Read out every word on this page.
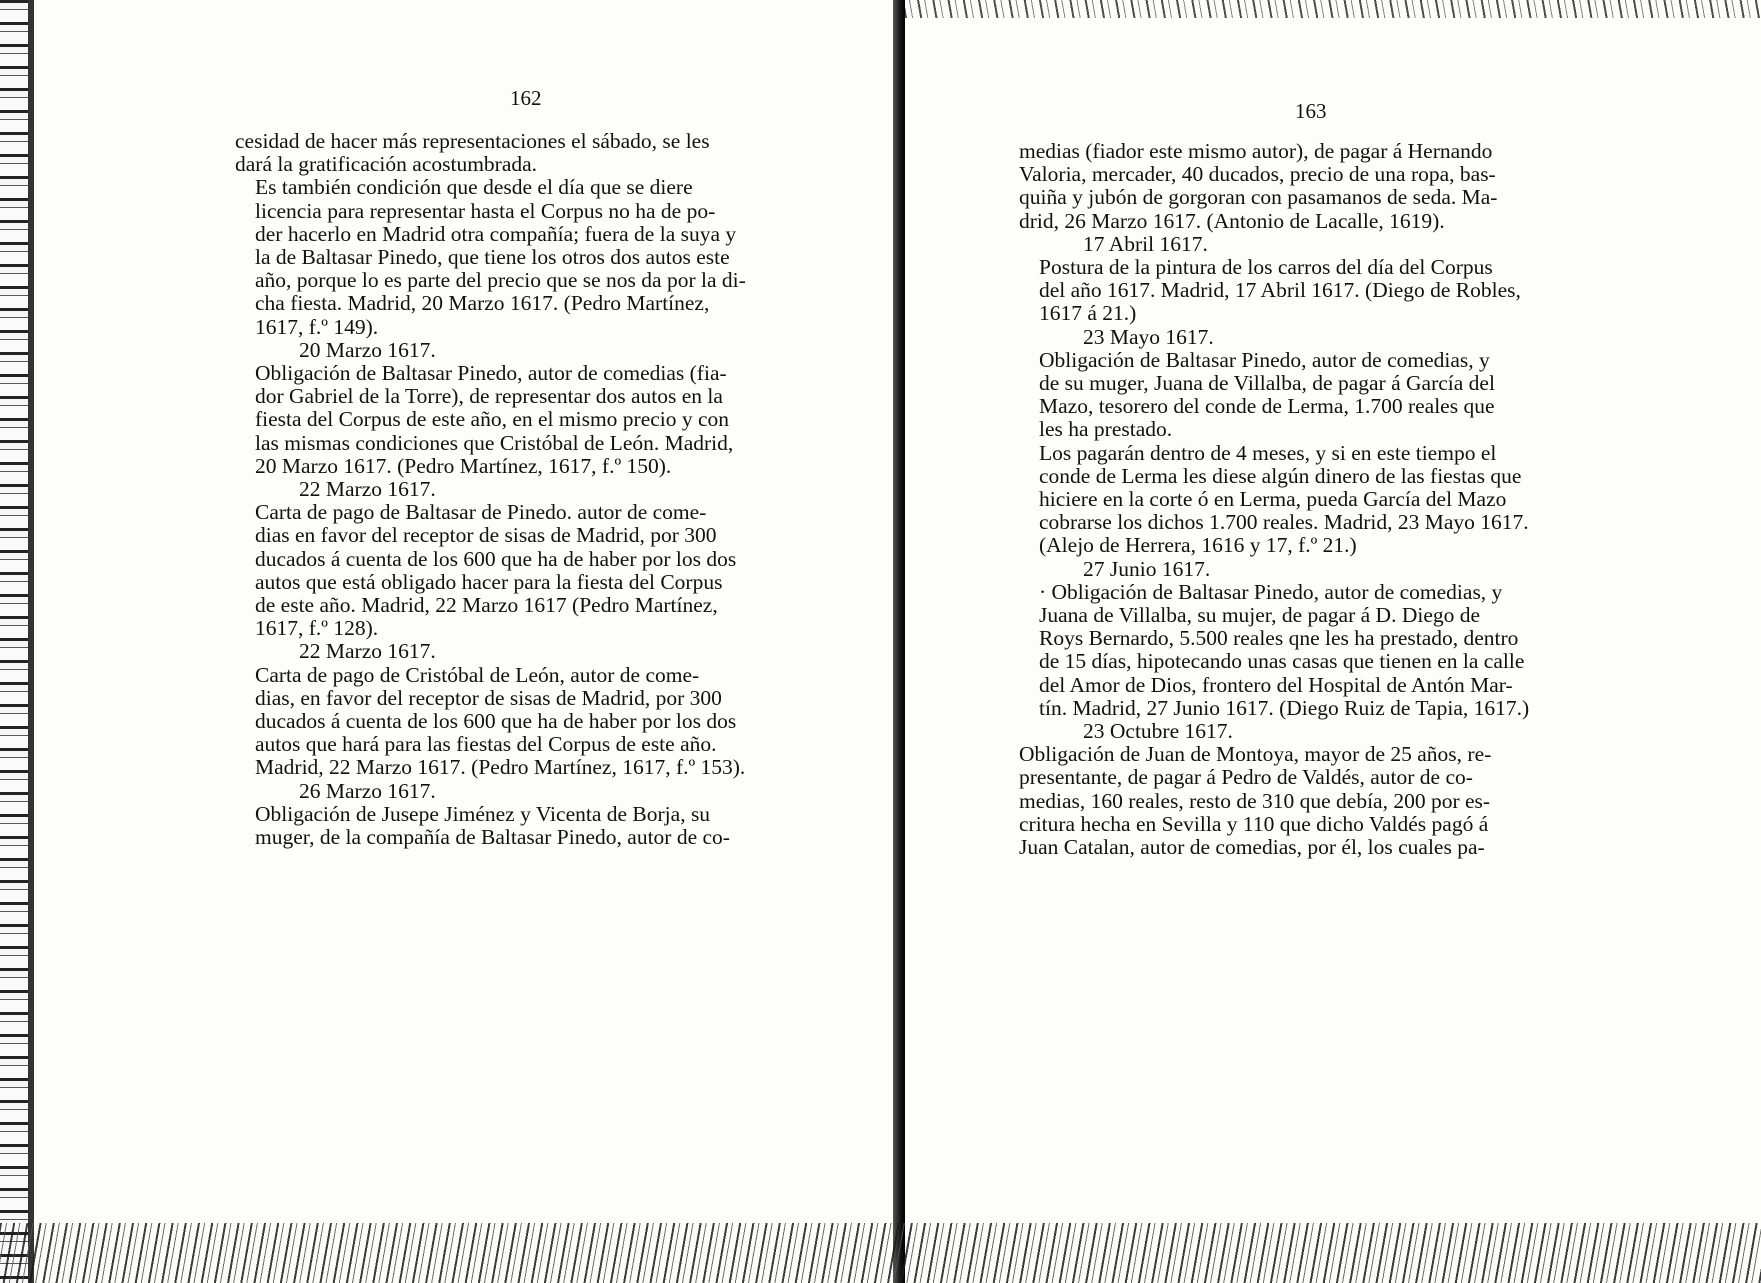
162

cesidad de hacer más representaciones el sábado, se les
dará la gratificación acostumbrada.

Es también condición que desde el día que se diere
licencia para representar hasta el Corpus no ha de po-
der hacerlo en Madrid otra compañía; fuera de la suya y
la de Baltasar Pinedo, que tiene los otros dos autos este
año, porque lo es parte del precio que se nos da por la di-
cha fiesta. Madrid, 20 Marzo 1617. (Pedro Martínez,
1617, f.º 149).

20 Marzo 1617.

Obligación de Baltasar Pinedo, autor de comedias (fia-
dor Gabriel de la Torre), de representar dos autos en la
fiesta del Corpus de este año, en el mismo precio y con
las mismas condiciones que Cristóbal de León. Madrid,
20 Marzo 1617. (Pedro Martínez, 1617, f.º 150).

22 Marzo 1617.

Carta de pago de Baltasar de Pinedo. autor de come-
dias en favor del receptor de sisas de Madrid, por 300
ducados á cuenta de los 600 que ha de haber por los dos
autos que está obligado hacer para la fiesta del Corpus
de este año. Madrid, 22 Marzo 1617 (Pedro Martínez,
1617, f.º 128).

22 Marzo 1617.

Carta de pago de Cristóbal de León, autor de come-
dias, en favor del receptor de sisas de Madrid, por 300
ducados á cuenta de los 600 que ha de haber por los dos
autos que hará para las fiestas del Corpus de este año.
Madrid, 22 Marzo 1617. (Pedro Martínez, 1617, f.º 153).

26 Marzo 1617.

Obligación de Jusepe Jiménez y Vicenta de Borja, su
muger, de la compañía de Baltasar Pinedo, autor de co-

163

medias (fiador este mismo autor), de pagar á Hernando
Valoria, mercader, 40 ducados, precio de una ropa, bas-
quiña y jubón de gorgoran con pasamanos de seda. Ma-
drid, 26 Marzo 1617. (Antonio de Lacalle, 1619).

17 Abril 1617.

Postura de la pintura de los carros del día del Corpus
del año 1617. Madrid, 17 Abril 1617. (Diego de Robles,
1617 á 21.)

23 Mayo 1617.

Obligación de Baltasar Pinedo, autor de comedias, y
de su muger, Juana de Villalba, de pagar á García del
Mazo, tesorero del conde de Lerma, 1.700 reales que
les ha prestado.

Los pagarán dentro de 4 meses, y si en este tiempo el
conde de Lerma les diese algún dinero de las fiestas que
hiciere en la corte ó en Lerma, pueda García del Mazo
cobrarse los dichos 1.700 reales. Madrid, 23 Mayo 1617.
(Alejo de Herrera, 1616 y 17, f.º 21.)

27 Junio 1617.

· Obligación de Baltasar Pinedo, autor de comedias, y
Juana de Villalba, su mujer, de pagar á D. Diego de
Roys Bernardo, 5.500 reales qne les ha prestado, dentro
de 15 días, hipotecando unas casas que tienen en la calle
del Amor de Dios, frontero del Hospital de Antón Mar-
tín. Madrid, 27 Junio 1617. (Diego Ruiz de Tapia, 1617.)

23 Octubre 1617.

Obligación de Juan de Montoya, mayor de 25 años, re-
presentante, de pagar á Pedro de Valdés, autor de co-
medias, 160 reales, resto de 310 que debía, 200 por es-
critura hecha en Sevilla y 110 que dicho Valdés pagó á
Juan Catalan, autor de comedias, por él, los cuales pa-
